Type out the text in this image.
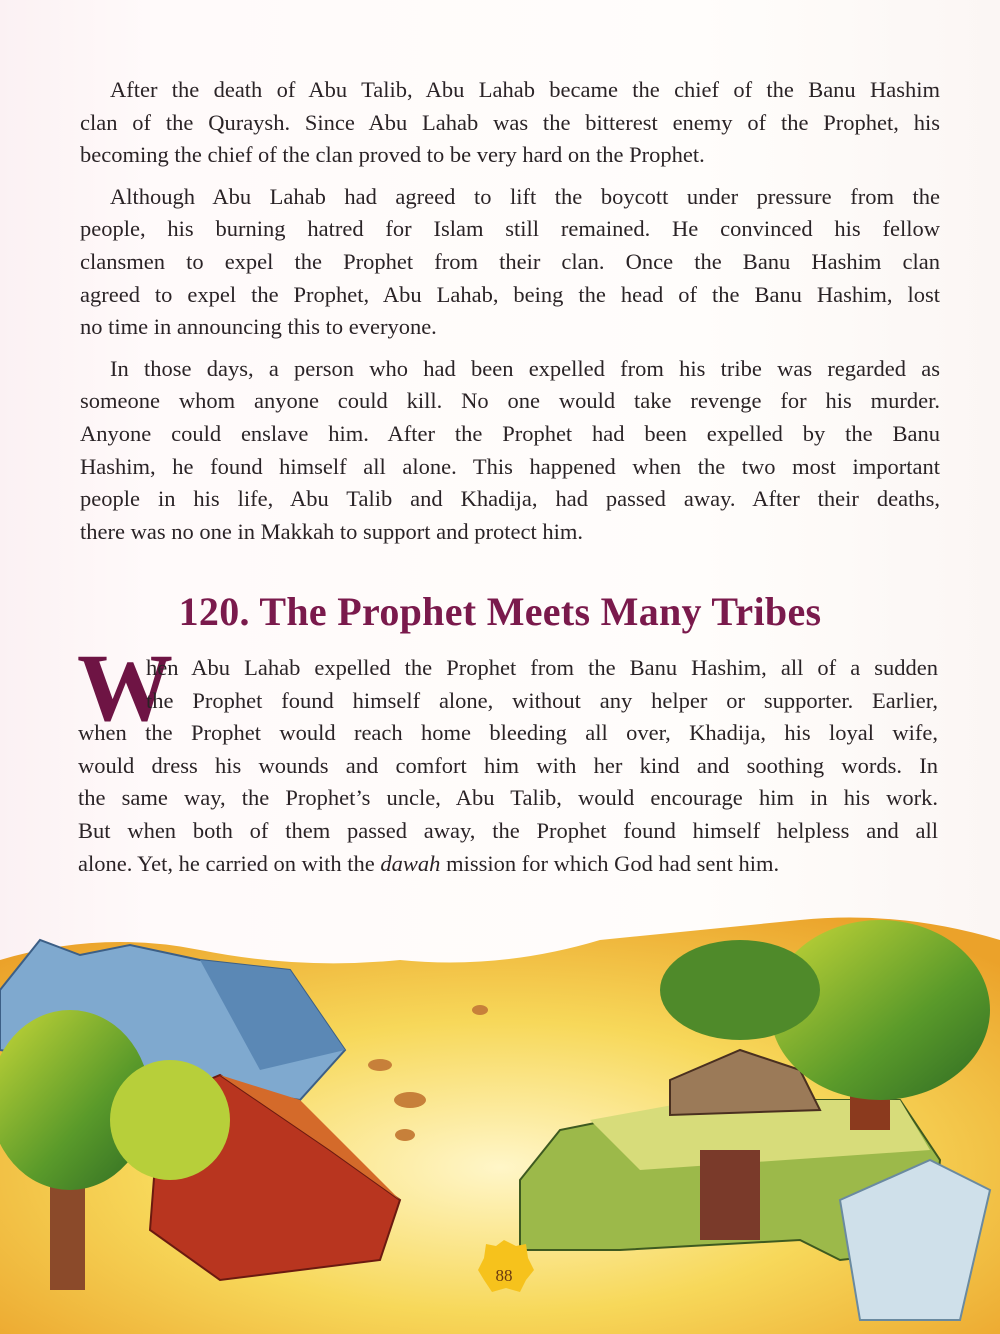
After the death of Abu Talib, Abu Lahab became the chief of the Banu Hashim
clan of the Quraysh. Since Abu Lahab was the bitterest enemy of the Prophet, his
becoming the chief of the clan proved to be very hard on the Prophet.
Although Abu Lahab had agreed to lift the boycott under pressure from the
people, his burning hatred for Islam still remained. He convinced his fellow
clansmen to expel the Prophet from their clan. Once the Banu Hashim clan
agreed to expel the Prophet, Abu Lahab, being the head of the Banu Hashim, lost
no time in announcing this to everyone.
In those days, a person who had been expelled from his tribe was regarded as
someone whom anyone could kill. No one would take revenge for his murder.
Anyone could enslave him. After the Prophet had been expelled by the Banu
Hashim, he found himself all alone. This happened when the two most important
people in his life, Abu Talib and Khadija, had passed away. After their deaths,
there was no one in Makkah to support and protect him.
120. The Prophet Meets Many Tribes
W
hen Abu Lahab expelled the Prophet from the Banu Hashim, all of a sudden
the Prophet found himself alone, without any helper or supporter. Earlier,
when the Prophet would reach home bleeding all over, Khadija, his loyal wife,
would dress his wounds and comfort him with her kind and soothing words. In
the same way, the Prophet’s uncle, Abu Talib, would encourage him in his work.
But when both of them passed away, the Prophet found himself helpless and all
alone. Yet, he carried on with the dawah mission for which God had sent him.
88
